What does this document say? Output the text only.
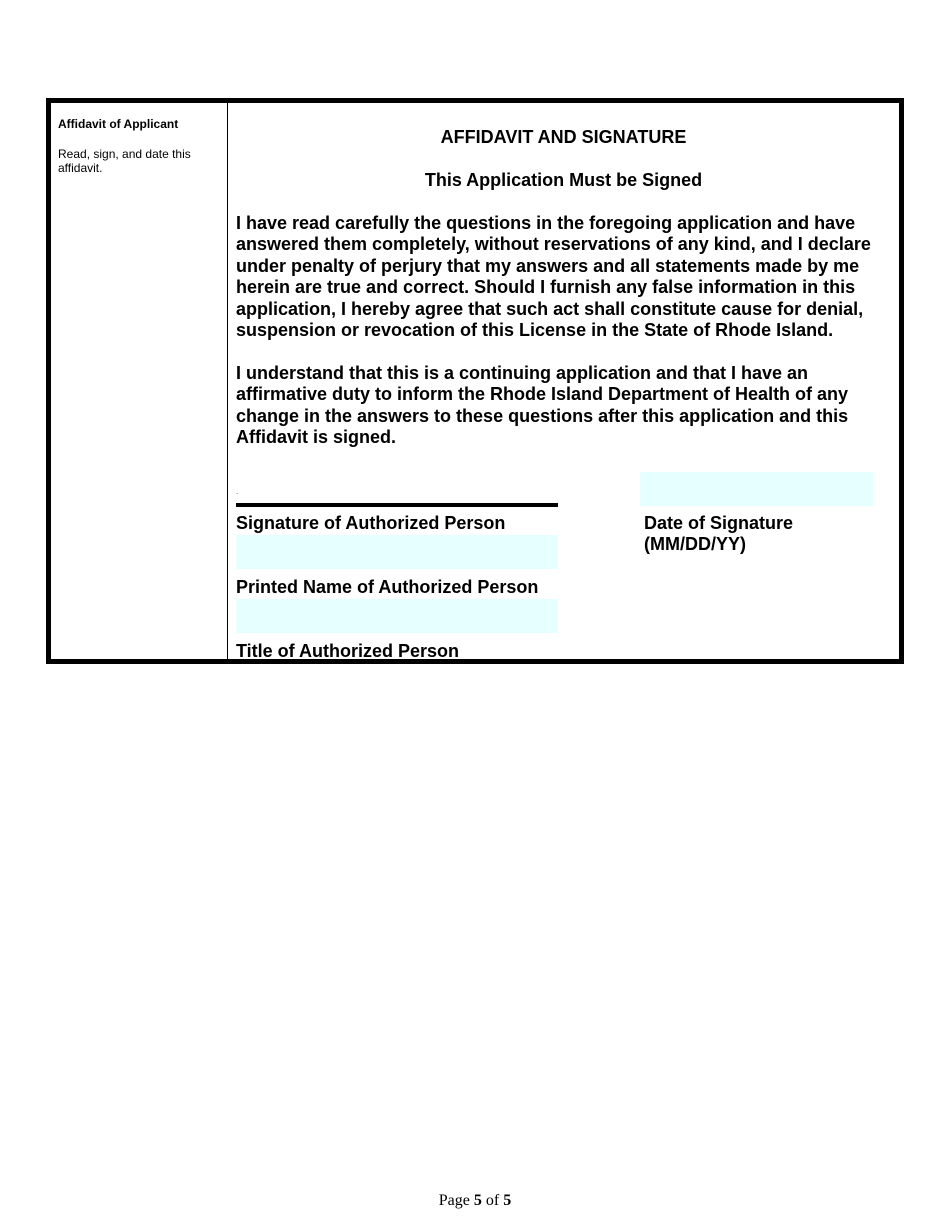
Affidavit of Applicant
Read, sign, and date this affidavit.
AFFIDAVIT AND SIGNATURE
This Application Must be Signed
I have read carefully the questions in the foregoing application and have answered them completely, without reservations of any kind, and I declare under penalty of perjury that my answers and all statements made by me herein are true and correct. Should I furnish any false information in this application, I hereby agree that such act shall constitute cause for denial, suspension or revocation of this License in the State of Rhode Island.
I understand that this is a continuing application and that I have an affirmative duty to inform the Rhode Island Department of Health of any change in the answers to these questions after this application and this Affidavit is signed.
.
Signature of Authorized Person	Date of Signature (MM/DD/YY)
Printed Name of Authorized Person
Title of Authorized Person
Page 5 of 5
